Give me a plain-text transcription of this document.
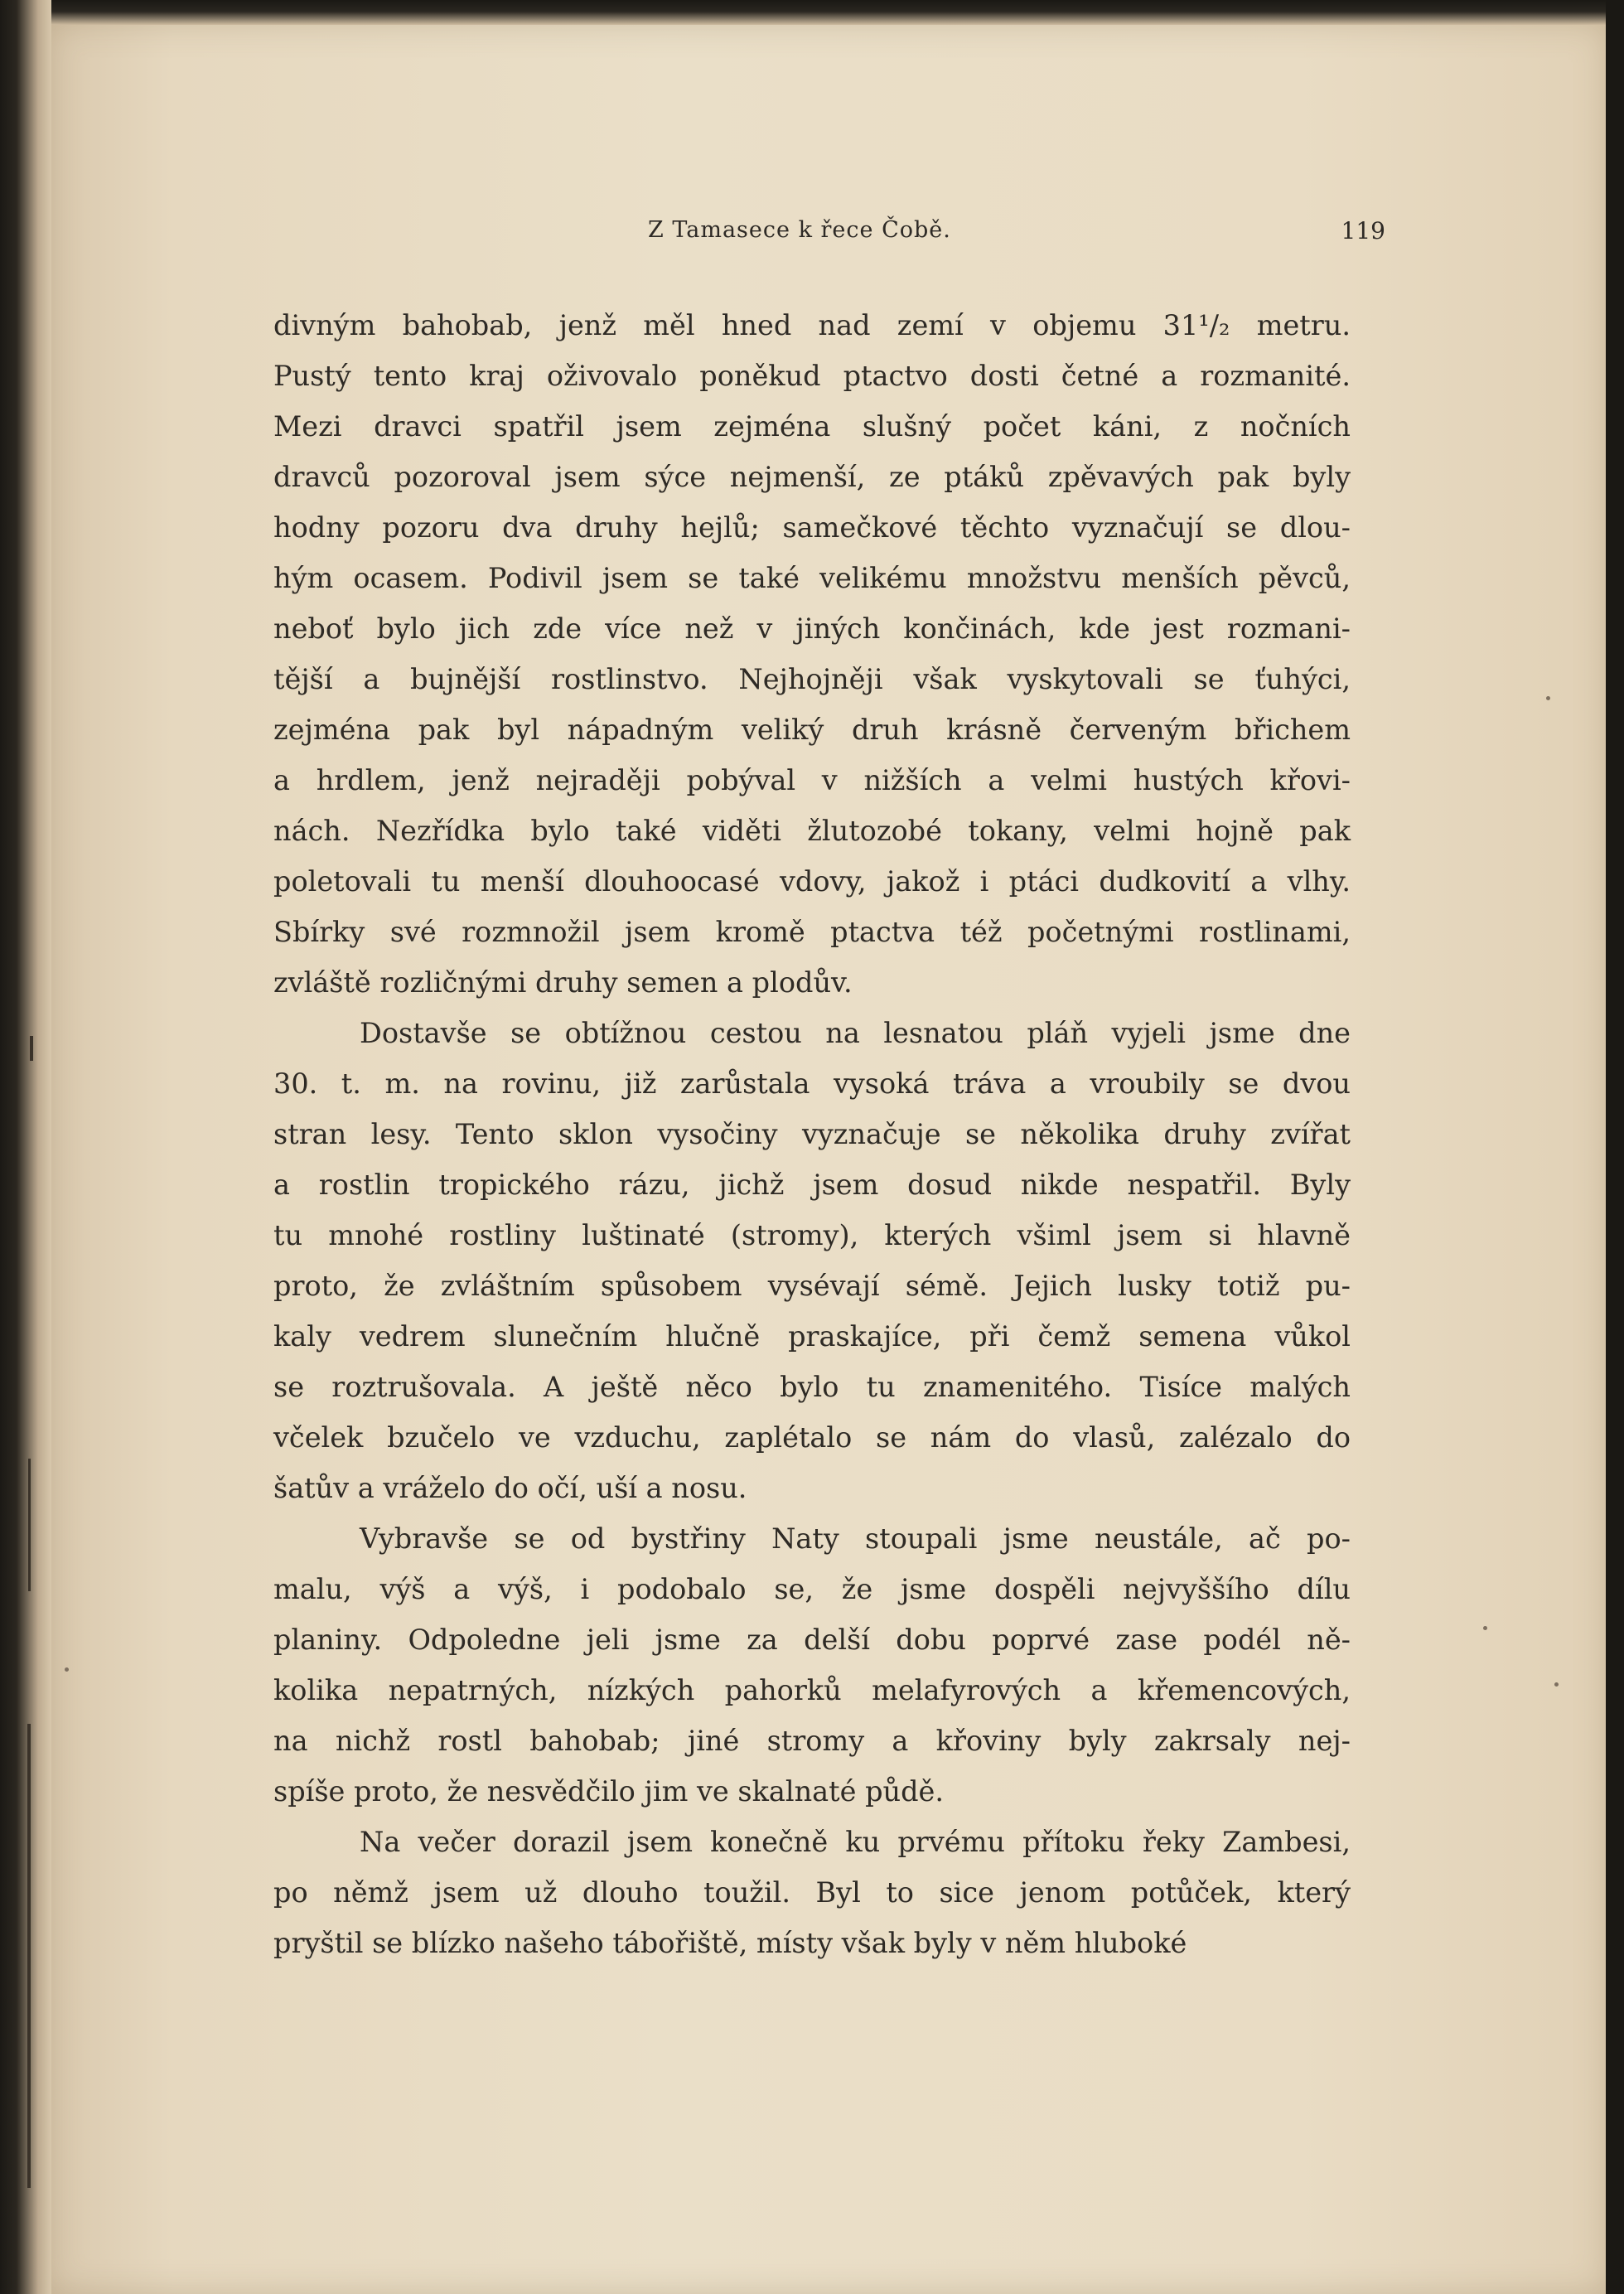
Z Tamasece k řece Čobě.	119
divným bahobab, jenž měl hned nad zemí v objemu 31¹/₂ metru.
Pustý tento kraj oživovalo poněkud ptactvo dosti četné a rozmanité.
Mezi dravci spatřil jsem zejména slušný počet káni, z nočních
dravců pozoroval jsem sýce nejmenší, ze ptáků zpěvavých pak byly
hodny pozoru dva druhy hejlů; samečkové těchto vyznačují se dlou-
hým ocasem. Podivil jsem se také velikému množstvu menších pěvců,
neboť bylo jich zde více než v jiných končinách, kde jest rozmani-
tější a bujnější rostlinstvo. Nejhojněji však vyskytovali se ťuhýci,
zejména pak byl nápadným veliký druh krásně červeným břichem
a hrdlem, jenž nejraději pobýval v nižších a velmi hustých křovi-
nách. Nezřídka bylo také viděti žlutozobé tokany, velmi hojně pak
poletovali tu menší dlouhoocasé vdovy, jakož i ptáci dudkovití a vlhy.
Sbírky své rozmnožil jsem kromě ptactva též početnými rostlinami,
zvláště rozličnými druhy semen a plodův.
Dostavše se obtížnou cestou na lesnatou pláň vyjeli jsme dne
30. t. m. na rovinu, již zarůstala vysoká tráva a vroubily se dvou
stran lesy. Tento sklon vysočiny vyznačuje se několika druhy zvířat
a rostlin tropického rázu, jichž jsem dosud nikde nespatřil. Byly
tu mnohé rostliny luštinaté (stromy), kterých všiml jsem si hlavně
proto, že zvláštním spůsobem vysévají sémě. Jejich lusky totiž pu-
kaly vedrem slunečním hlučně praskajíce, při čemž semena vůkol
se roztrušovala. A ještě něco bylo tu znamenitého. Tisíce malých
včelek bzučelo ve vzduchu, zaplétalo se nám do vlasů, zalézalo do
šatův a vráželo do očí, uší a nosu.
Vybravše se od bystřiny Naty stoupali jsme neustále, ač po-
malu, výš a výš, i podobalo se, že jsme dospěli nejvyššího dílu
planiny. Odpoledne jeli jsme za delší dobu poprvé zase podél ně-
kolika nepatrných, nízkých pahorků melafyrových a křemencových,
na nichž rostl bahobab; jiné stromy a křoviny byly zakrsaly nej-
spíše proto, že nesvědčilo jim ve skalnaté půdě.
Na večer dorazil jsem konečně ku prvému přítoku řeky Zambesi,
po němž jsem už dlouho toužil. Byl to sice jenom potůček, který
pryštil se blízko našeho tábořiště, místy však byly v něm hluboké
